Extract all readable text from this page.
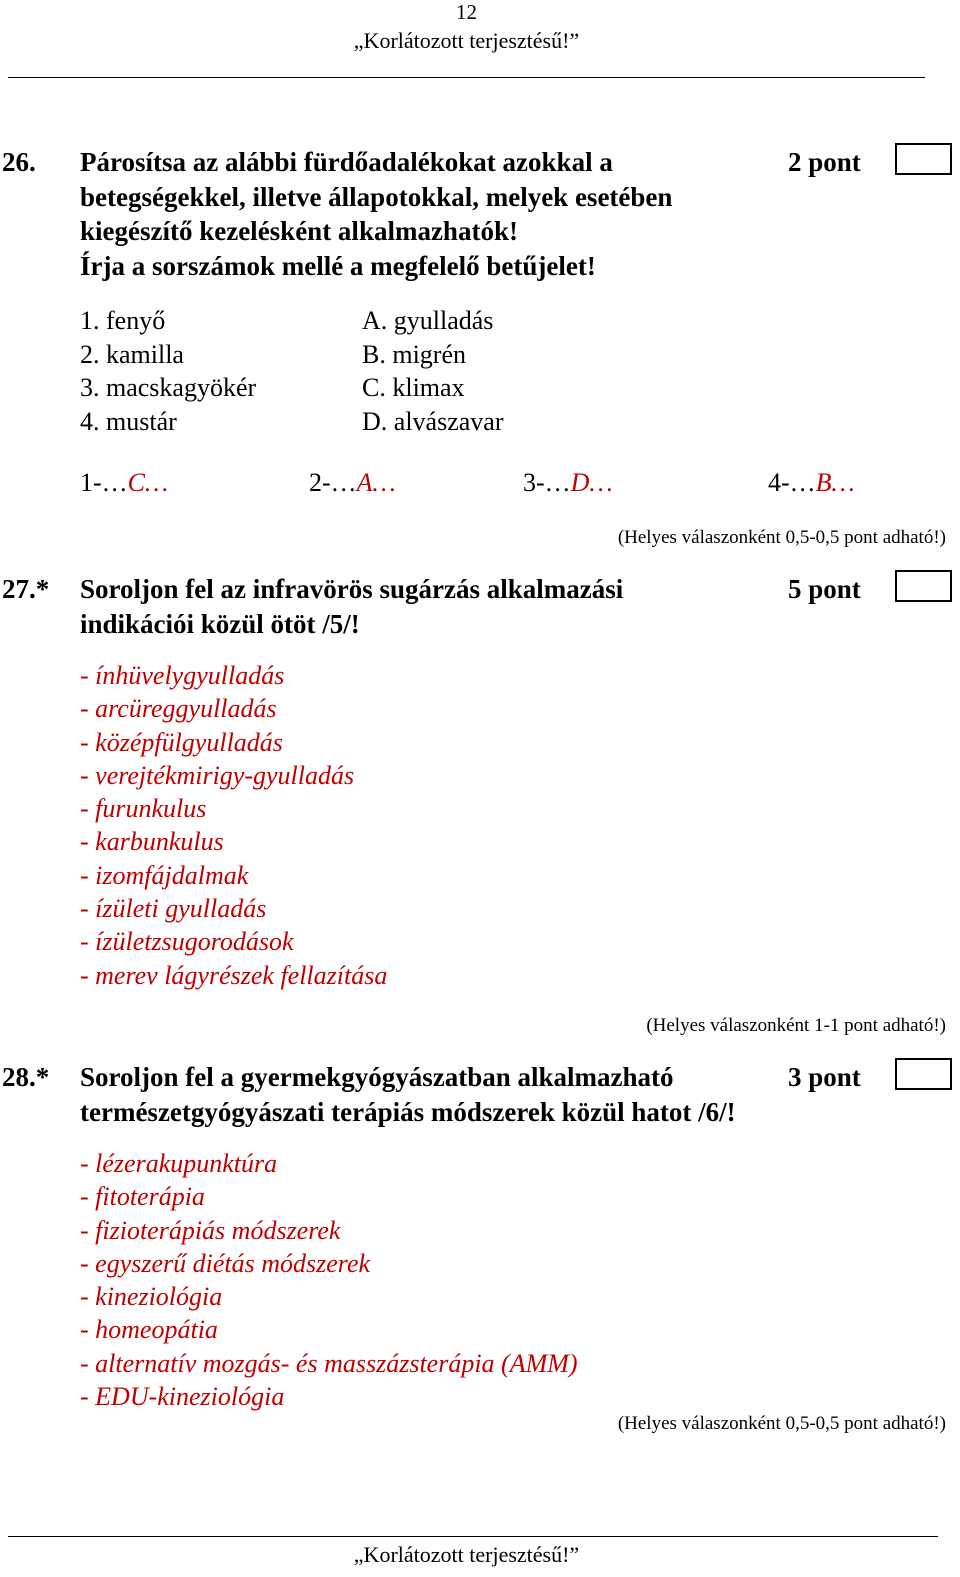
12
„Korlátozott terjesztésű!”
26. Párosítsa az alábbi fürdőadalékokat azokkal a
betegségekkel, illetve állapotokkal, melyek esetében
kiegészítő kezelésként alkalmazhatók!
Írja a sorszámok mellé a megfelelő betűjelet!
2 pont
1. fenyő
2. kamilla
3. macskagyökér
4. mustár
A. gyulladás
B. migrén
C. klimax
D. alvászavar
1-…C…	2-…A…	3-…D…	4-…B…
(Helyes válaszonként 0,5-0,5 pont adható!)
27.* Soroljon fel az infravörös sugárzás alkalmazási
indikációi közül ötöt /5/!
5 pont
- ínhüvelygyulladás
- arcüreggyulladás
- középfülgyulladás
- verejtékmirigy-gyulladás
- furunkulus
- karbunkulus
- izomfájdalmak
- ízületi gyulladás
- ízületzsugorodások
- merev lágyrészek fellazítása
(Helyes válaszonként 1-1 pont adható!)
28.* Soroljon fel a gyermekgyógyászatban alkalmazható
természetgyógyászati terápiás módszerek közül hatot /6/!
3 pont
- lézerakupunktúra
- fitoterápia
- fizioterápiás módszerek
- egyszerű diétás módszerek
- kineziológia
- homeopátia
- alternatív mozgás- és masszázsterápia (AMM)
- EDU-kineziológia
(Helyes válaszonként 0,5-0,5 pont adható!)
„Korlátozott terjesztésű!”
